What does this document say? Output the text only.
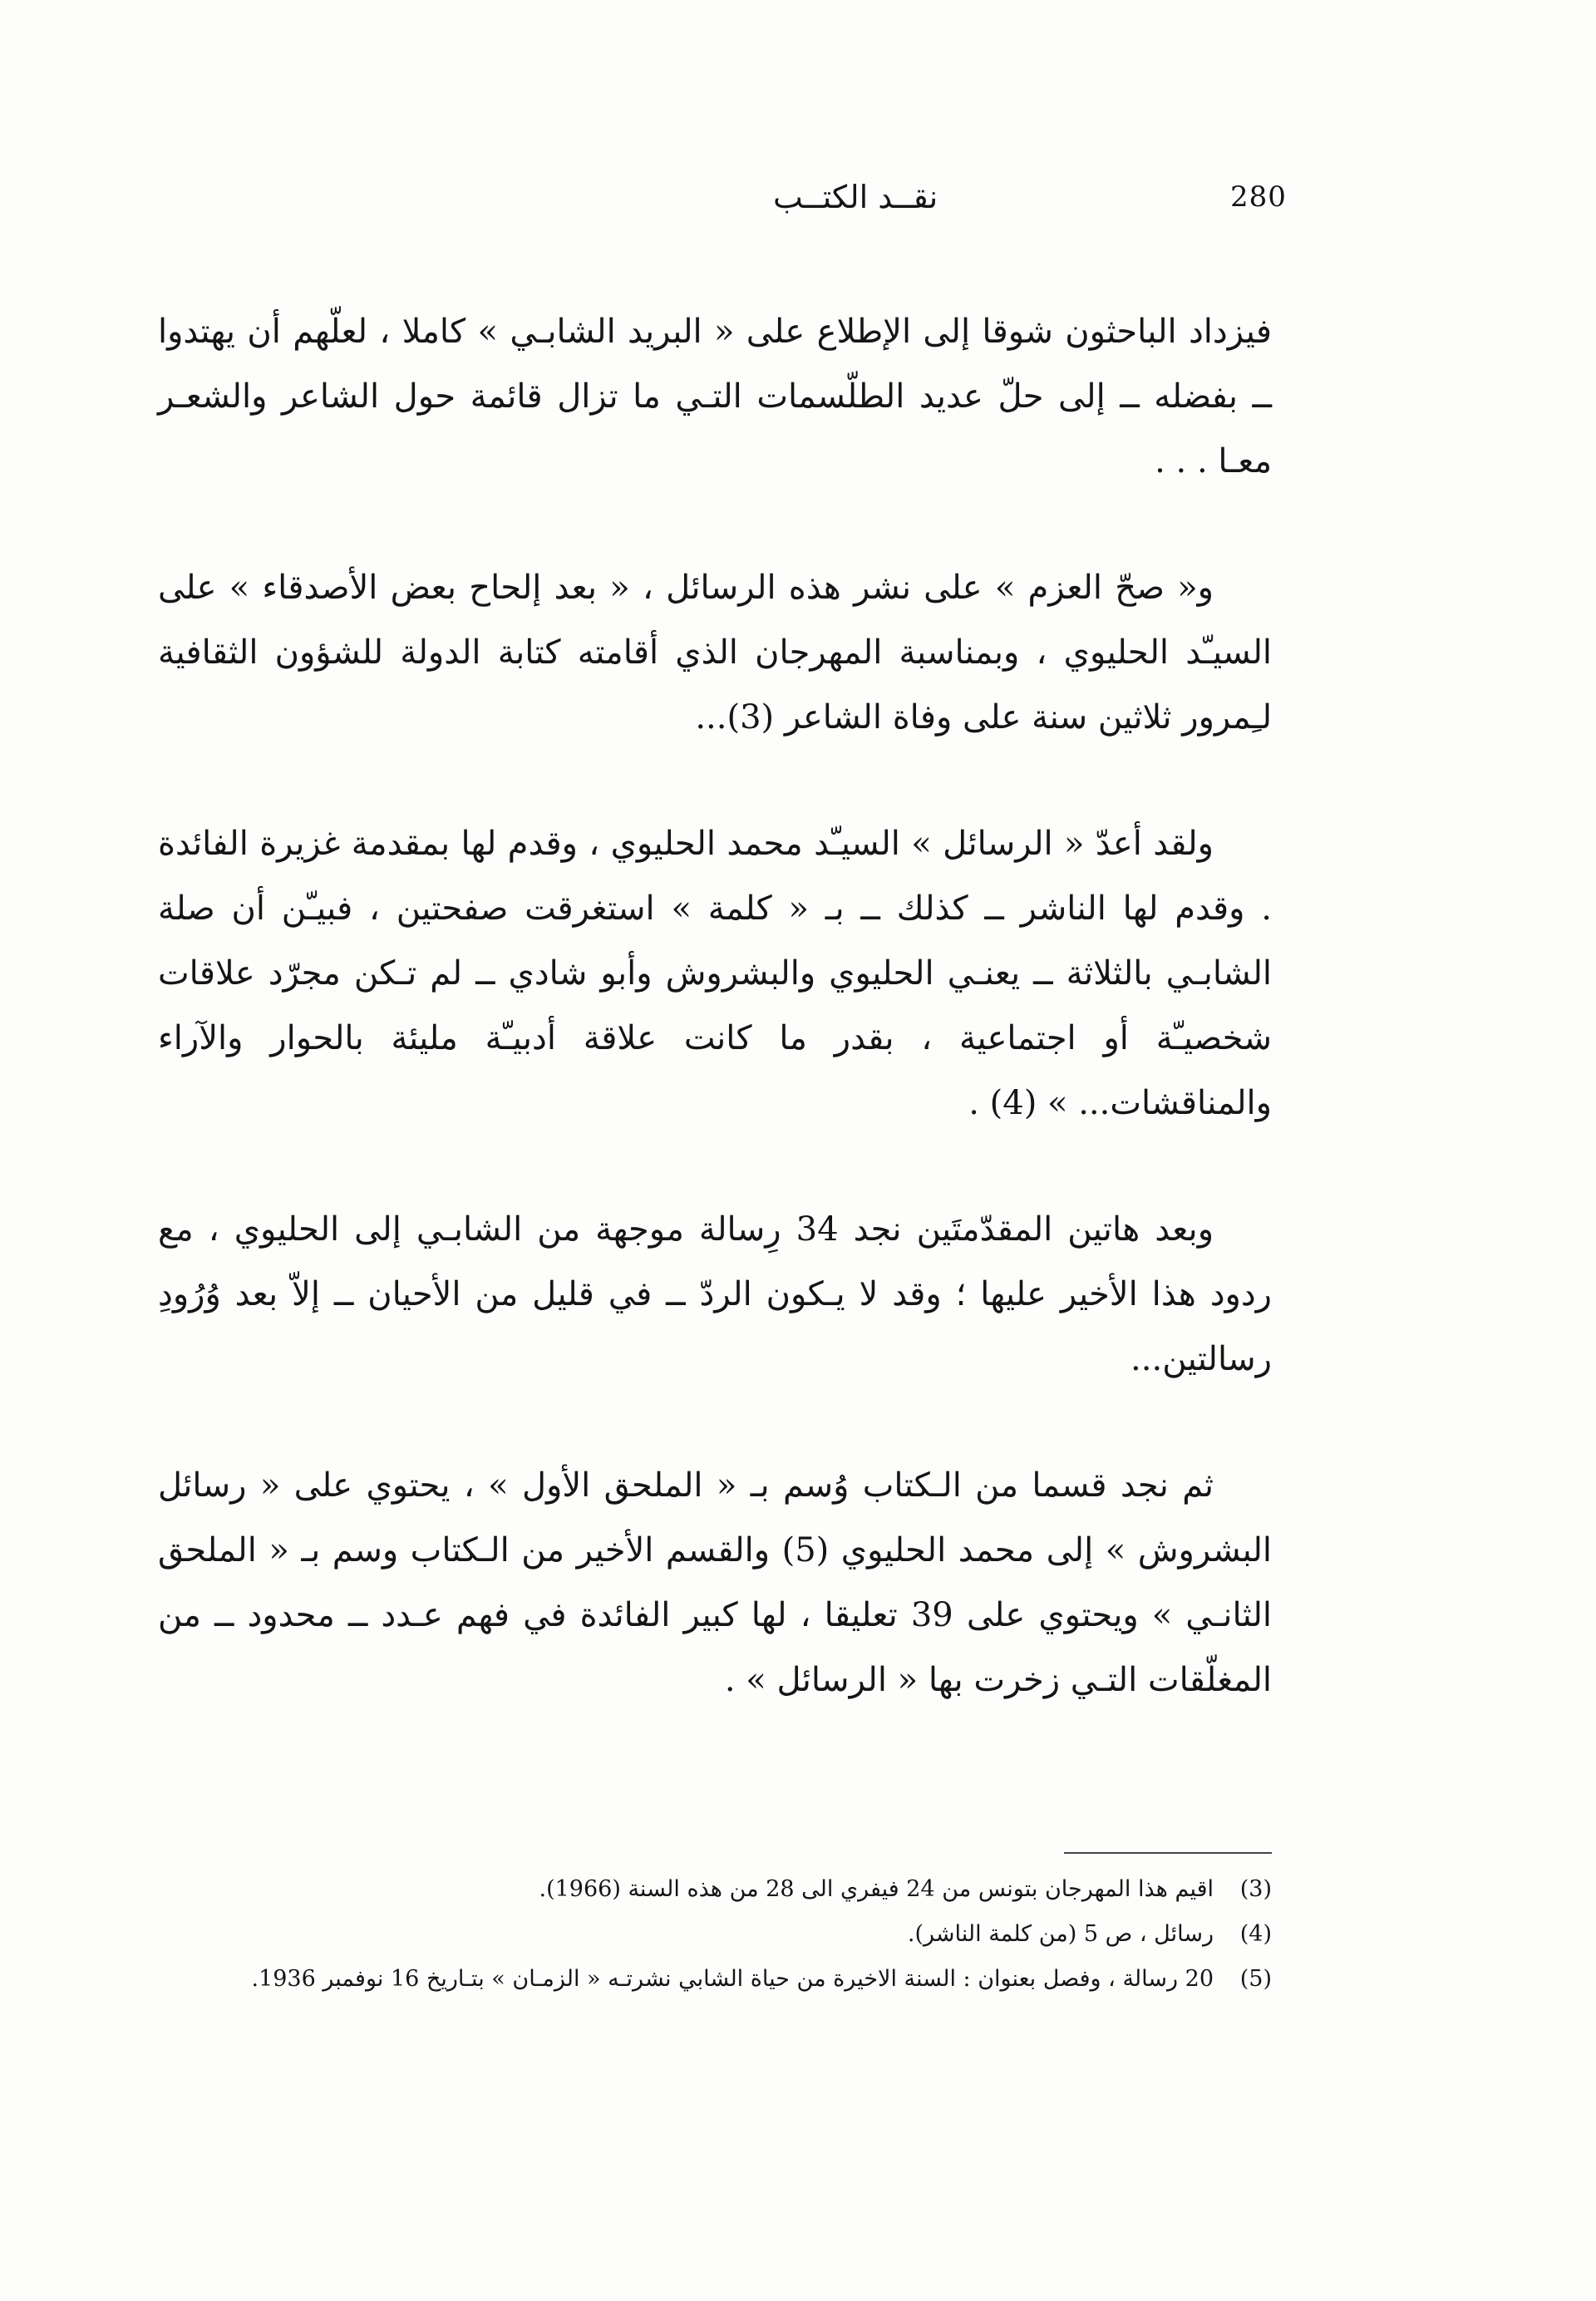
نقــد الكتــب	280

فيزداد الباحثون شوقا إلى الإطلاع على « البريد الشابـي » كاملا ، لعلّهم أن يهتدوا ــ بفضله ــ إلى حلّ عديد الطلّسمات التـي ما تزال قائمة حول الشاعر والشعـر معـا . . .

و« صحّ العزم » على نشر هذه الرسائل ، « بعد إلحاح بعض الأصدقاء » على السيـّد الحليوي ، وبمناسبة المهرجان الذي أقامته كتابة الدولة للشؤون الثقافية لـِمرور ثلاثين سنة على وفاة الشاعر (3)...

ولقد أعدّ « الرسائل » السيـّد محمد الحليوي ، وقدم لها بمقدمة غزيرة الفائدة . وقدم لها الناشر ــ كذلك ــ بـ « كلمة » استغرقت صفحتين ، فبيـّن أن صلة الشابـي بالثلاثة ــ يعنـي الحليوي والبشروش وأبو شادي ــ لم تـكن مجرّد علاقات شخصيـّة أو اجتماعية ، بقدر ما كانت علاقة أدبيـّة مليئة بالحوار والآراء والمناقشات... » (4) .

وبعد هاتين المقدّمتَين نجد 34 رِسالة موجهة من الشابـي إلى الحليوي ، مع ردود هذا الأخير عليها ؛ وقد لا يـكون الردّ ــ في قليل من الأحيان ــ إلاّ بعد وُرُودِ رسالتين...

ثم نجد قسما من الـكتاب وُسم بـ « الملحق الأول » ، يحتوي على « رسائل البشروش » إلى محمد الحليوي (5) والقسم الأخير من الـكتاب وسم بـ « الملحق الثانـي » ويحتوي على 39 تعليقا ، لها كبير الفائدة في فهم عـدد ــ محدود ــ من المغلّقات التـي زخرت بها « الرسائل » .

(3)
اقيم هذا المهرجان بتونس من 24 فيفري الى 28 من هذه السنة (1966).
(4)
رسائل ، ص 5 (من كلمة الناشر).
(5)
20 رسالة ، وفصل بعنوان : السنة الاخيرة من حياة الشابي نشرتـه « الزمـان » بتـاريخ 16 نوفمبر 1936.
